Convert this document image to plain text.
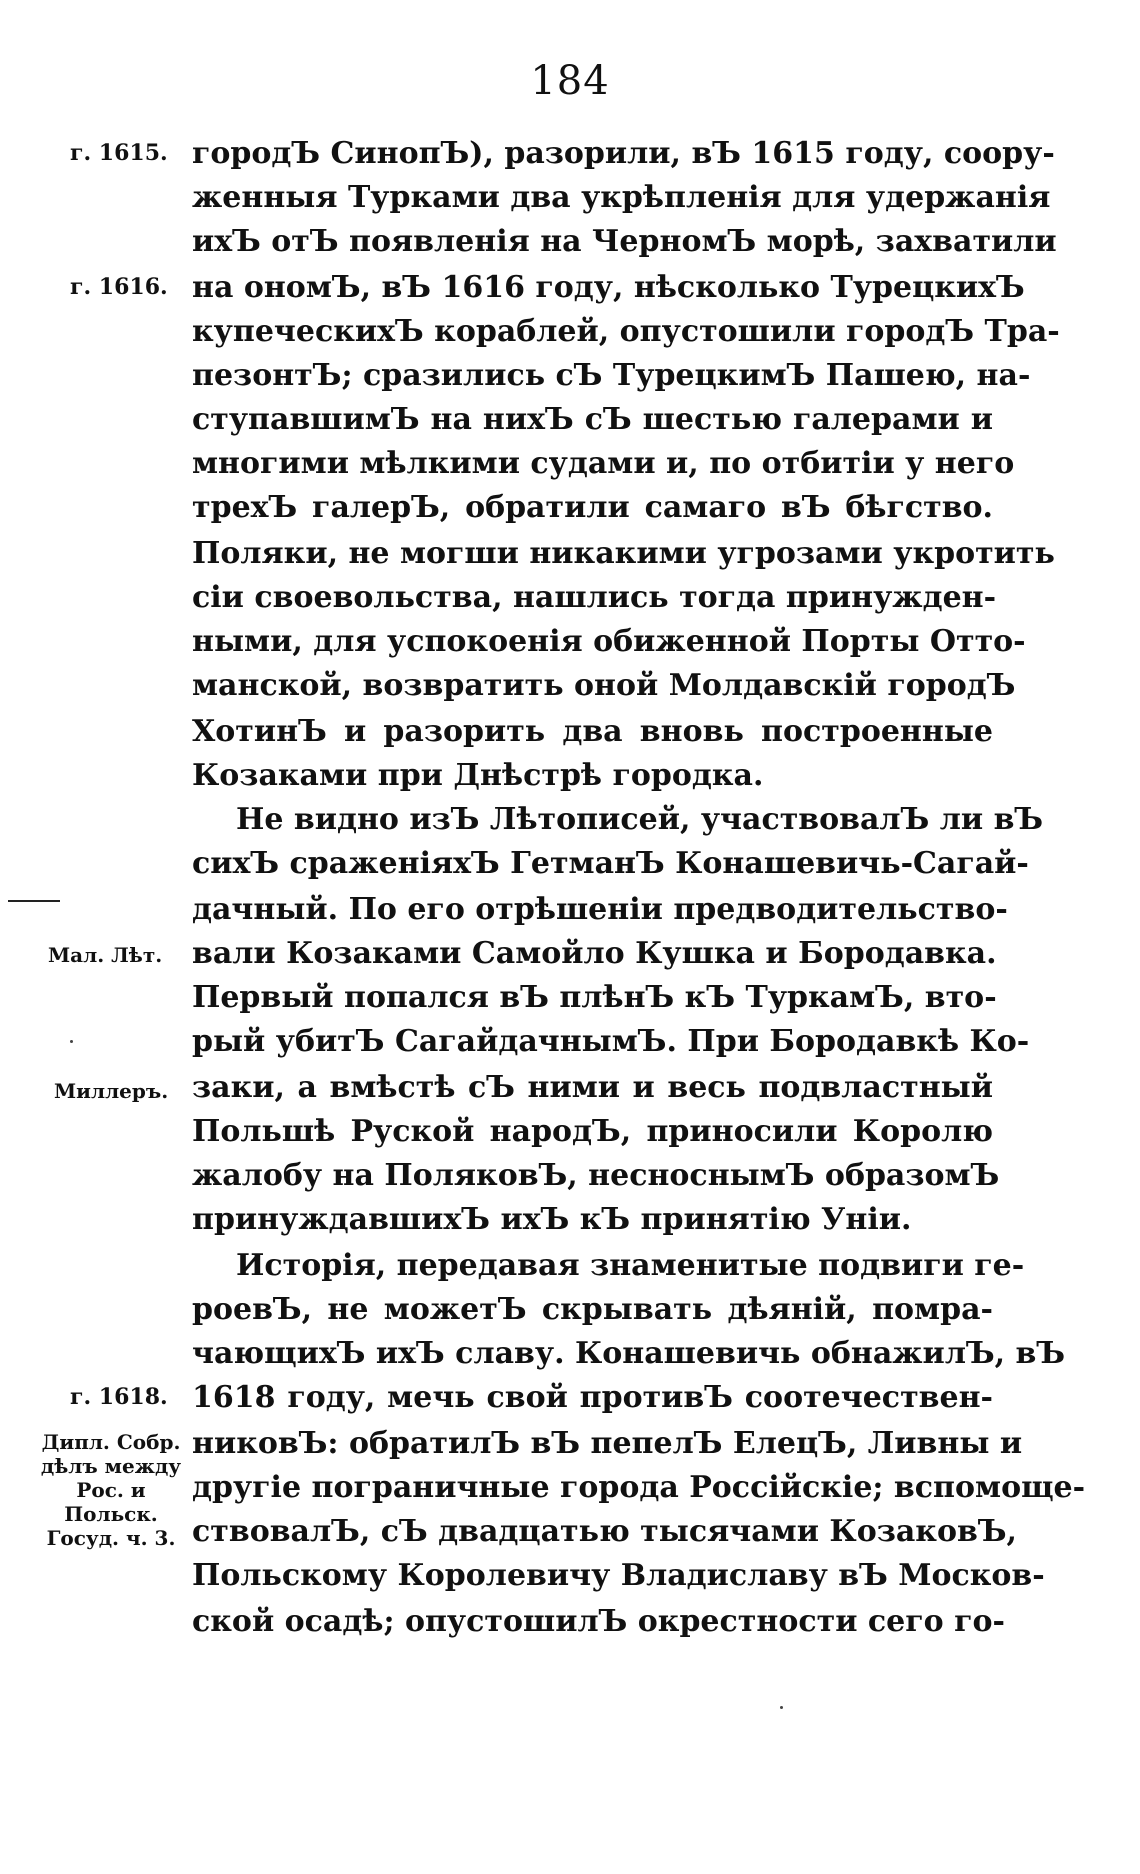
184
г. 1615.
г. 1616.
Мал. Лѣт.
Миллеръ.
г. 1618.
Дипл. Собр.
дѣлъ между
Рос. и
Польск.
Госуд. ч. 3.
городЪ СинопЪ), разорили, вЪ 1615 году, соору-
женныя Турками два укрѣпленія для удержанія
ихЪ отЪ появленія на ЧерномЪ морѣ, захватили
на ономЪ, вЪ 1616 году, нѣсколько ТурецкихЪ
купеческихЪ кораблей, опустошили городЪ Тра-
пезонтЪ; сразились сЪ ТурецкимЪ Пашею, на-
ступавшимЪ на нихЪ сЪ шестью галерами и
многими мѣлкими судами и, по отбитіи у него
трехЪ галерЪ, обратили самаго вЪ бѣгство.
Поляки, не могши никакими угрозами укротить
сіи своевольства, нашлись тогда принужден-
ными, для успокоенія обиженной Порты Отто-
манской, возвратить оной Молдавскій городЪ
ХотинЪ и разорить два вновь построенные
Козаками при Днѣстрѣ городка.
Не видно изЪ Лѣтописей, участвовалЪ ли вЪ
сихЪ сраженіяхЪ ГетманЪ Конашевичь-Сагай-
дачный. По его отрѣшеніи предводительство-
вали Козаками Самойло Кушка и Бородавка.
Первый попался вЪ плѣнЪ кЪ ТуркамЪ, вто-
рый убитЪ СагайдачнымЪ. При Бородавкѣ Ко-
заки, а вмѣстѣ сЪ ними и весь подвластный
Польшѣ Руской народЪ, приносили Королю
жалобу на ПоляковЪ, несноснымЪ образомЪ
принуждавшихЪ ихЪ кЪ принятію Уніи.
Исторія, передавая знаменитые подвиги ге-
роевЪ, не можетЪ скрывать дѣяній, помра-
чающихЪ ихЪ славу. Конашевичь обнажилЪ, вЪ
1618 году, мечь свой противЪ соотечествен-
никовЪ: обратилЪ вЪ пепелЪ ЕлецЪ, Ливны и
другіе пограничные города Россійскіе; вспомоще-
ствовалЪ, сЪ двадцатью тысячами КозаковЪ,
Польскому Королевичу Владиславу вЪ Москов-
ской осадѣ; опустошилЪ окрестности сего го-
